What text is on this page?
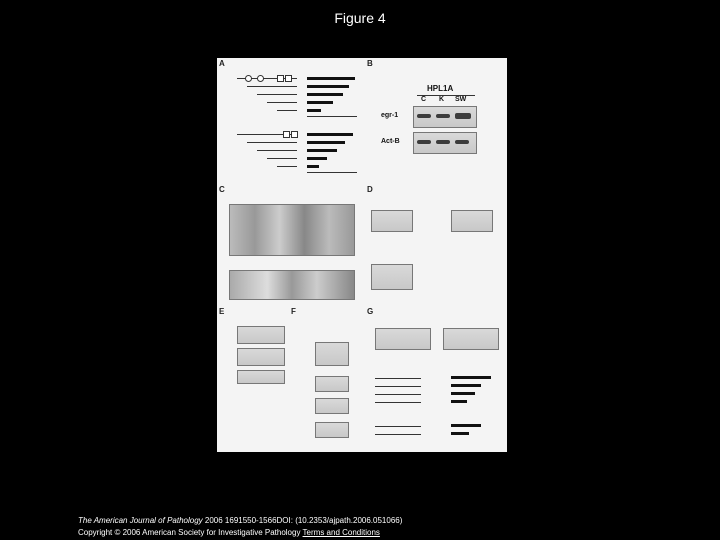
Figure 4
A	B
HPL1A
C K SW
egr-1
Act-B
C	D
E	F	G
The American Journal of Pathology 2006 1691550-1566DOI: (10.2353/ajpath.2006.051066)
Copyright © 2006 American Society for Investigative Pathology Terms and Conditions
